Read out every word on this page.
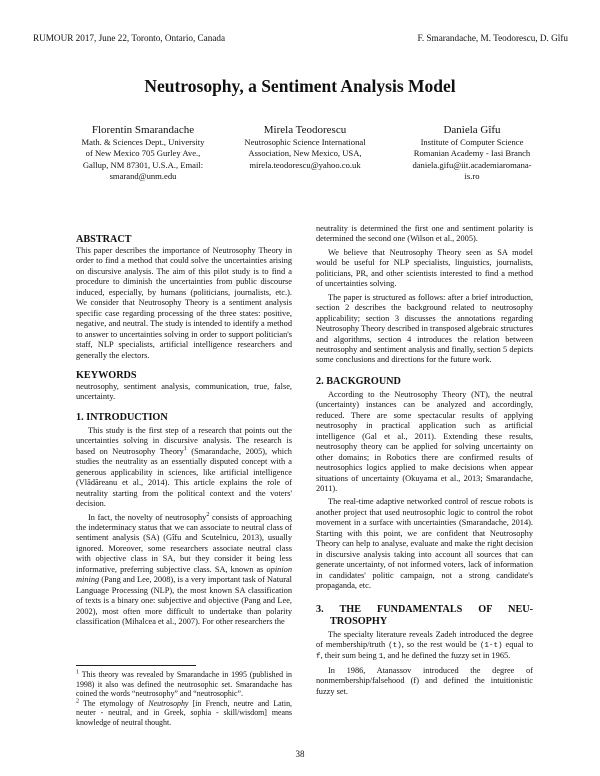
RUMOUR 2017, June 22, Toronto, Ontario, Canada	F. Smarandache, M. Teodorescu, D. Gîfu
Neutrosophy, a Sentiment Analysis Model
Florentin Smarandache
Math. & Sciences Dept., University
of New Mexico 705 Gurley Ave.,
Gallup, NM 87301, U.S.A., Email:
smarand@unm.edu
Mirela Teodorescu
Neutrosophic Science International
Association, New Mexico, USA,
mirela.teodorescu@yahoo.co.uk
Daniela Gîfu
Institute of Computer Science
Romanian Academy - Iasi Branch
daniela.gifu@iit.academiaromana-
is.ro
ABSTRACT

This paper describes the importance of Neutrosophy Theory in order to find a method that could solve the uncertainties arising on discursive analysis. The aim of this pilot study is to find a procedure to diminish the uncertainties from public discourse induced, especially, by humans (politicians, journalists, etc.). We consider that Neutrosophy Theory is a sentiment analysis specific case regarding processing of the three states: positive, negative, and neutral. The study is intended to identify a method to answer to uncertainties solving in order to support politician's staff, NLP specialists, artificial intelligence researchers and generally the electors.

KEYWORDS

neutrosophy, sentiment analysis, communication, true, false, uncertainty.

1. INTRODUCTION

This study is the first step of a research that points out the uncertainties solving in discursive analysis. The research is based on Neutrosophy Theory$^1$ (Smarandache, 2005), which studies the neutrality as an essentially disputed concept with a generous applicability in sciences, like artificial intelligence (Vlădăreanu et al., 2014). This article explains the role of neutrality starting from the political context and the voters' decision.

In fact, the novelty of neutrosophy$^2$ consists of approaching the indeterminacy status that we can associate to neutral class of sentiment analysis (SA) (Gîfu and Scutelnicu, 2013), usually ignored. Moreover, some researchers associate neutral class with objective class in SA, but they consider it being less informative, preferring subjective class. SA, known as opinion mining (Pang and Lee, 2008), is a very important task of Natural Language Processing (NLP), the most known SA classification of texts is a binary one: subjective and objective (Pang and Lee, 2002), most often more difficult to undertake than polarity classification (Mihalcea et al., 2007). For other researchers the

$^1$ This theory was revealed by Smarandache in 1995 (published in 1998) it also was defined the neutrosophic set. Smarandache has coined the words “neutrosophy” and “neutrosophic”.

$^2$ The etymology of Neutrosophy [in French, neutre and Latin, neuter - neutral, and in Greek, sophia - skill/wisdom] means knowledge of neutral thought.

neutrality is determined the first one and sentiment polarity is determined the second one (Wilson et al., 2005).

We believe that Neutrosophy Theory seen as SA model would be useful for NLP specialists, linguistics, journalists, politicians, PR, and other scientists interested to find a method of uncertainties solving.

The paper is structured as follows: after a brief introduction, section 2 describes the background related to neutrosophy applicability; section 3 discusses the annotations regarding Neutrosophy Theory described in transposed algebraic structures and algorithms, section 4 introduces the relation between neutrosophy and sentiment analysis and finally, section 5 depicts some conclusions and directions for the future work.

2. BACKGROUND

According to the Neutrosophy Theory (NT), the neutral (uncertainty) instances can be analyzed and accordingly, reduced. There are some spectacular results of applying neutrosophy in practical application such as artificial intelligence (Gal et al., 2011). Extending these results, neutrosophy theory can be applied for solving uncertainty on other domains; in Robotics there are confirmed results of neutrosophics logics applied to make decisions when appear situations of uncertainty (Okuyama et al., 2013; Smarandache, 2011).

The real-time adaptive networked control of rescue robots is another project that used neutrosophic logic to control the robot movement in a surface with uncertainties (Smarandache, 2014). Starting with this point, we are confident that Neutrosophy Theory can help to analyse, evaluate and make the right decision in discursive analysis taking into account all sources that can generate uncertainty, of not informed voters, lack of information in candidates' politic campaign, not a strong candidate's propaganda, etc.

3. THE FUNDAMENTALS OF NEU-
TROSOPHY

The specialty literature reveals Zadeh introduced the degree of membership/truth (t), so the rest would be (1-t) equal to f, their sum being 1, and he defined the fuzzy set in 1965.

In 1986, Atanassov introduced the degree of nonmembership/falsehood (f) and defined the intuitionistic fuzzy set.

38
